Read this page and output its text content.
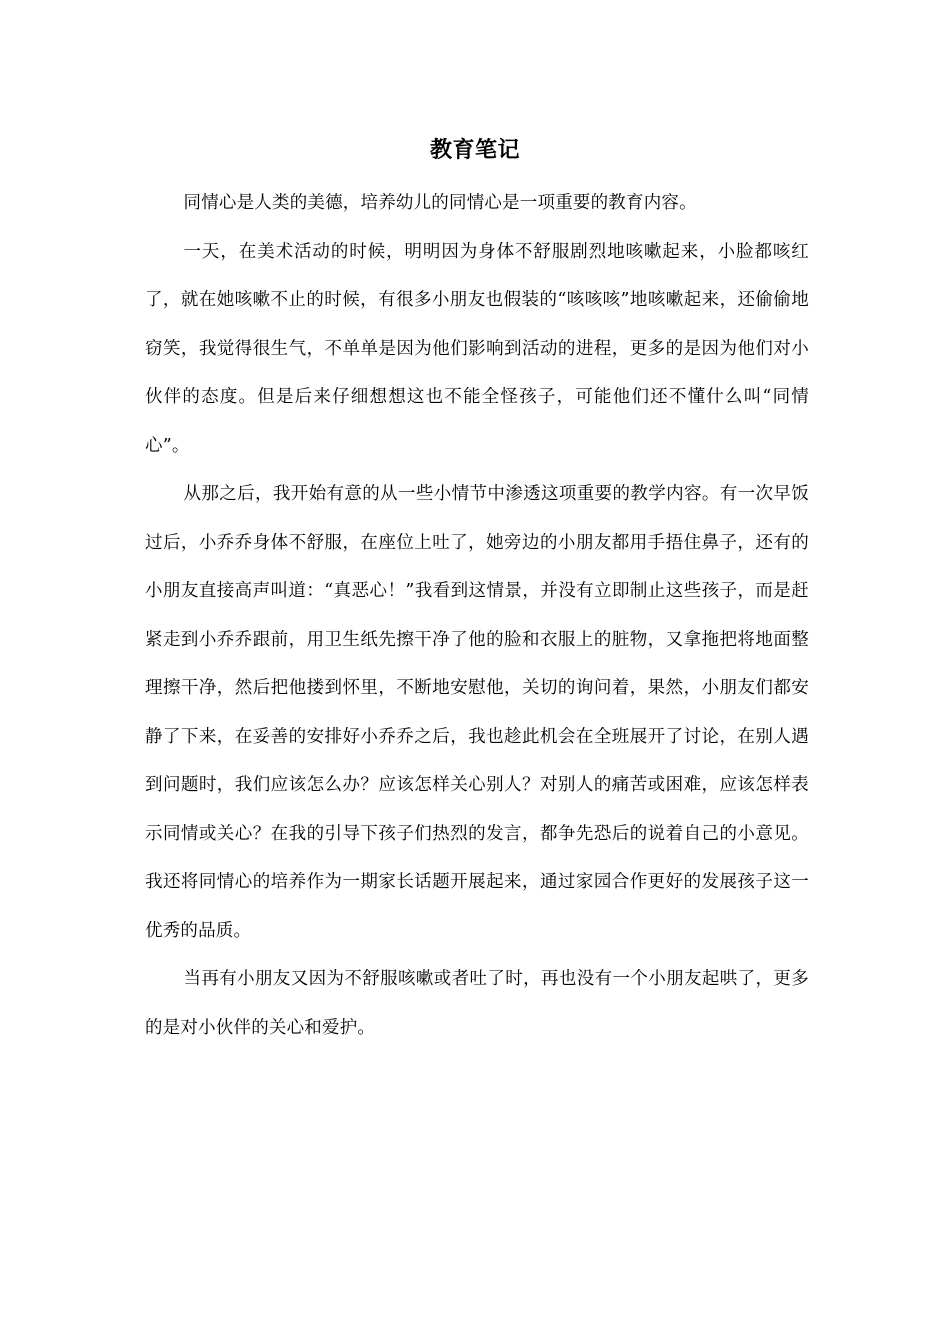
教育笔记

同情心是人类的美德，培养幼儿的同情心是一项重要的教育内容。

一天，在美术活动的时候，明明因为身体不舒服剧烈地咳嗽起来，小脸都咳红了，就在她咳嗽不止的时候，有很多小朋友也假装的“咳咳咳”地咳嗽起来，还偷偷地窃笑，我觉得很生气，不单单是因为他们影响到活动的进程，更多的是因为他们对小伙伴的态度。但是后来仔细想想这也不能全怪孩子，可能他们还不懂什么叫“同情心”。

从那之后，我开始有意的从一些小情节中渗透这项重要的教学内容。有一次早饭过后，小乔乔身体不舒服，在座位上吐了，她旁边的小朋友都用手捂住鼻子，还有的小朋友直接高声叫道：“真恶心！”我看到这情景，并没有立即制止这些孩子，而是赶紧走到小乔乔跟前，用卫生纸先擦干净了他的脸和衣服上的脏物，又拿拖把将地面整理擦干净，然后把他搂到怀里，不断地安慰他，关切的询问着，果然，小朋友们都安静了下来，在妥善的安排好小乔乔之后，我也趁此机会在全班展开了讨论，在别人遇到问题时，我们应该怎么办？应该怎样关心别人？对别人的痛苦或困难，应该怎样表示同情或关心？在我的引导下孩子们热烈的发言，都争先恐后的说着自己的小意见。我还将同情心的培养作为一期家长话题开展起来，通过家园合作更好的发展孩子这一优秀的品质。

当再有小朋友又因为不舒服咳嗽或者吐了时，再也没有一个小朋友起哄了，更多的是对小伙伴的关心和爱护。
